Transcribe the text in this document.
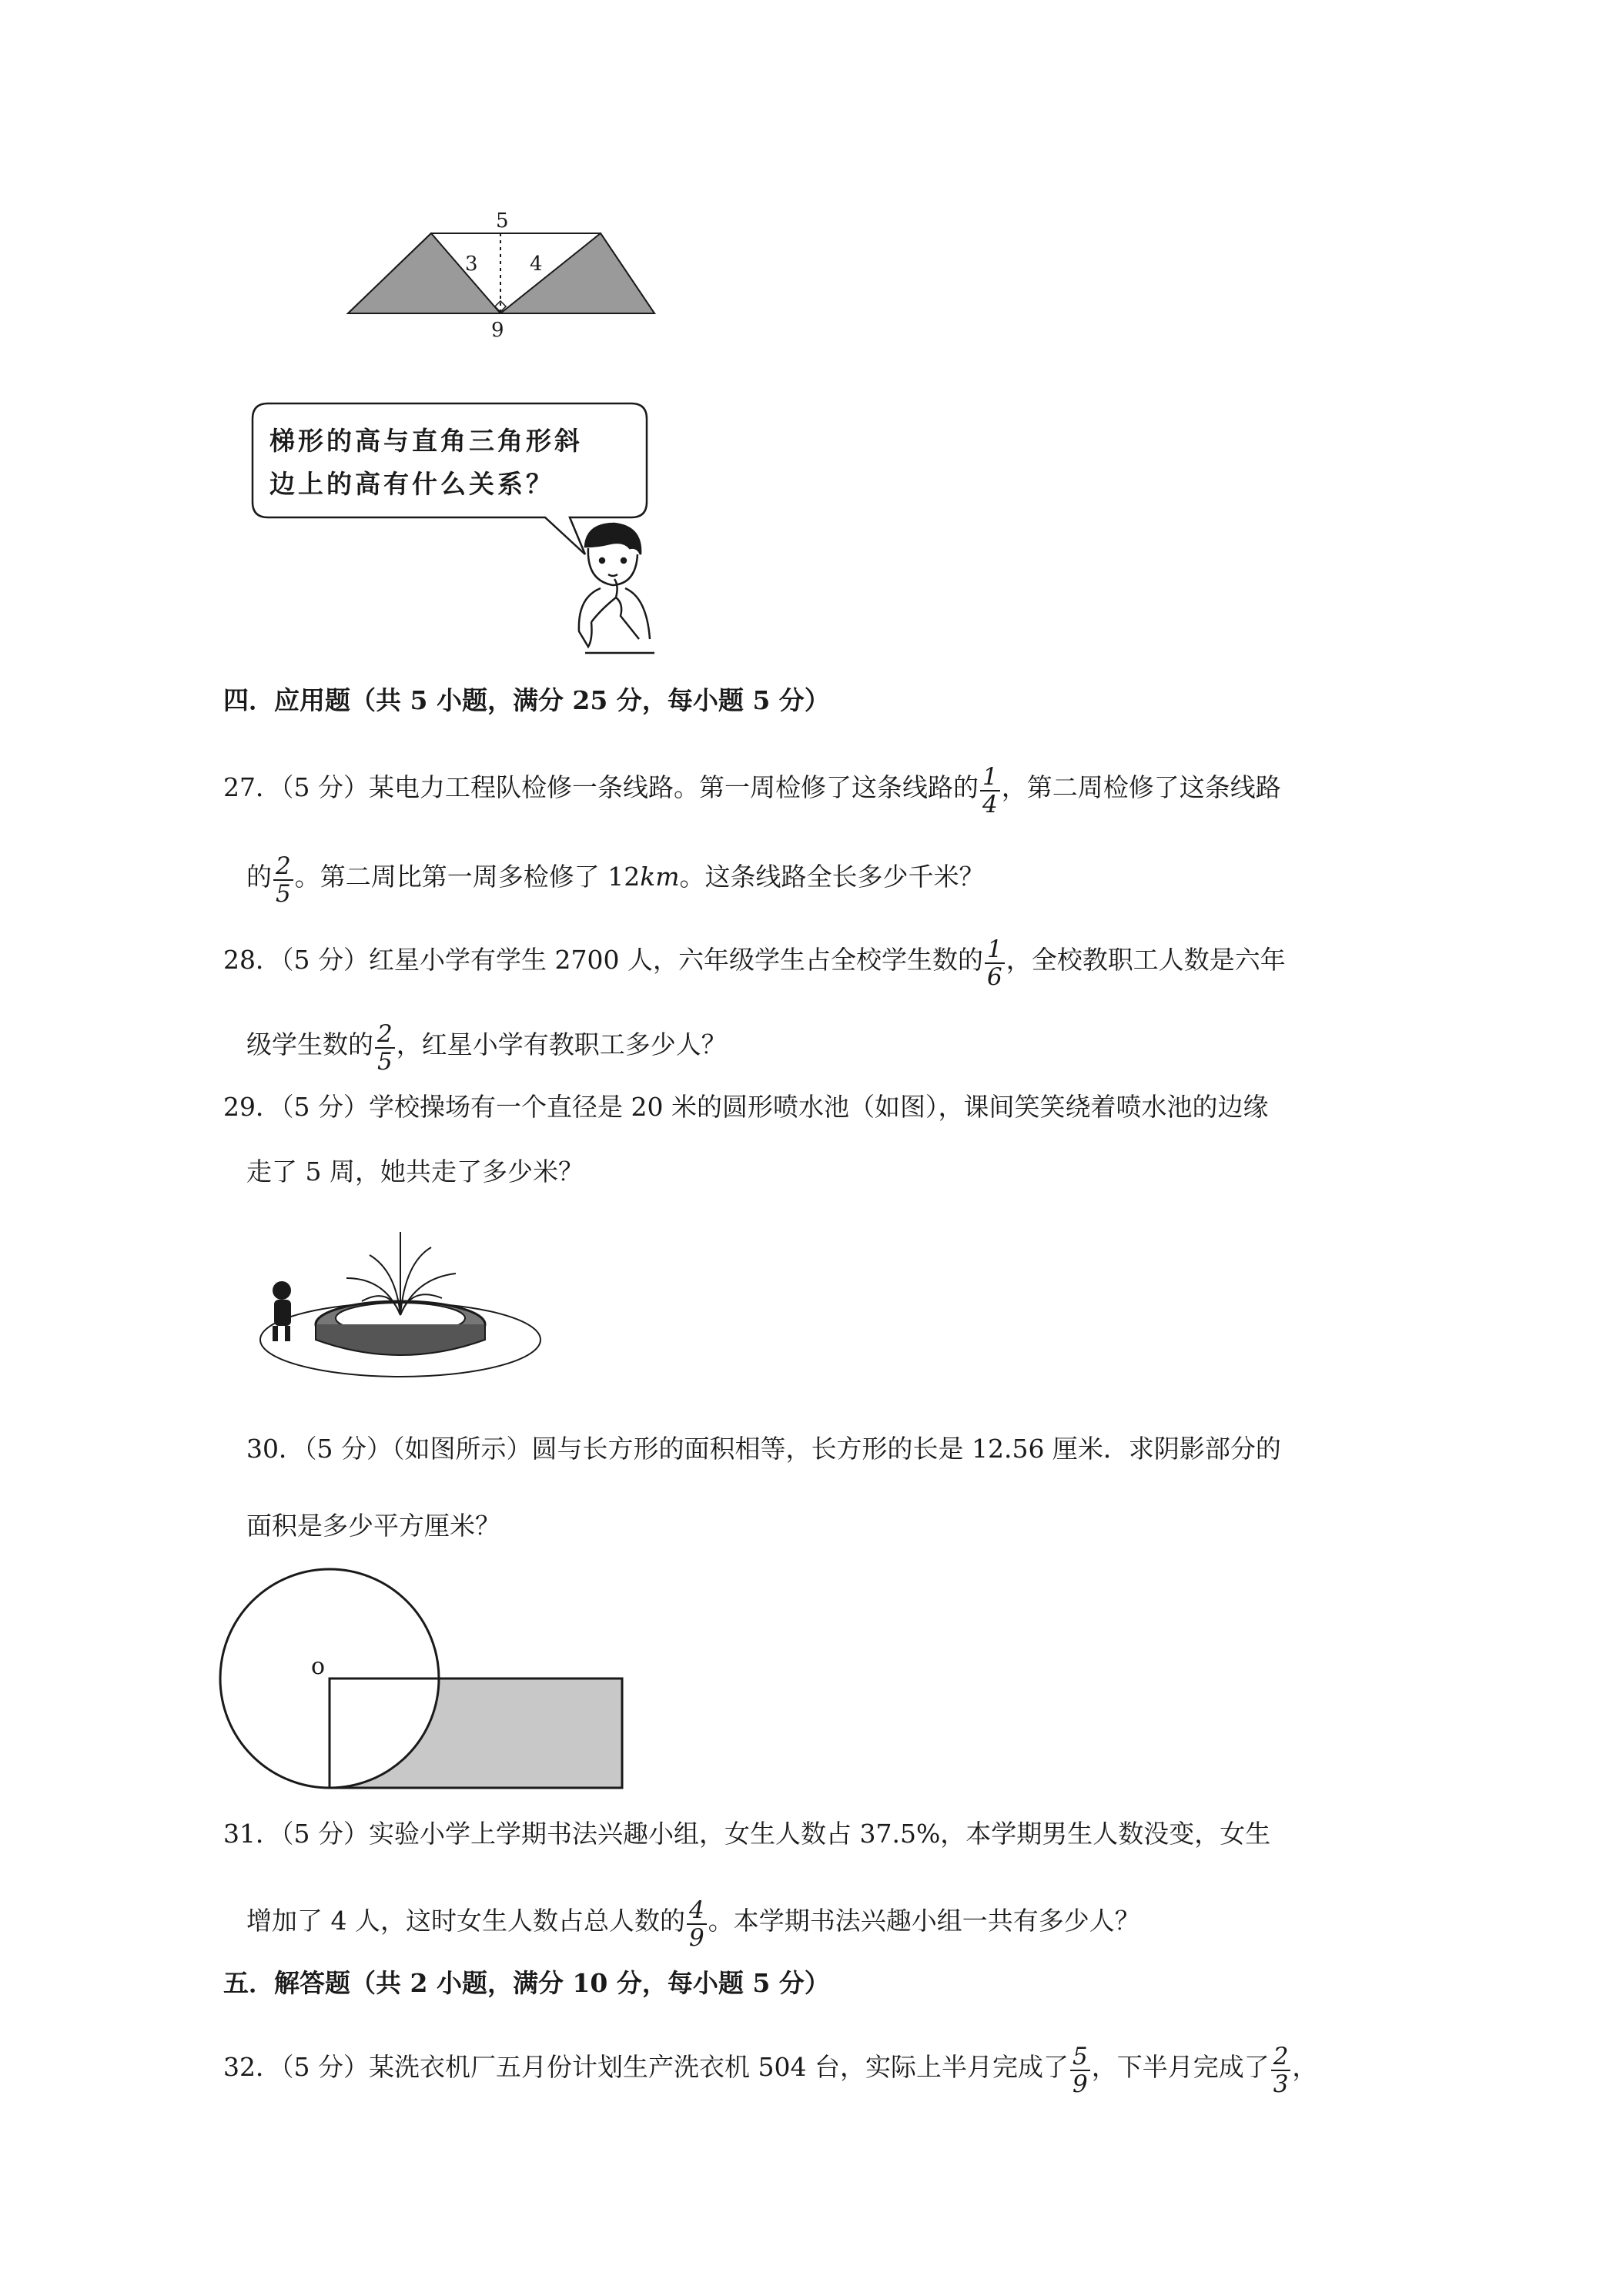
5
3	4
9
梯形的高与直角三角形斜
边上的高有什么关系？
四．应用题（共 5 小题，满分 25 分，每小题 5 分）
27．（5 分）某电力工程队检修一条线路。第一周检修了这条线路的 $\frac{1}{4}$ ，第二周检修了这条线路
的 $\frac{2}{5}$ 。第二周比第一周多检修了 12km。这条线路全长多少千米？
28．（5 分）红星小学有学生 2700 人，六年级学生占全校学生数的 $\frac{1}{6}$ ，全校教职工人数是六年
级学生数的 $\frac{2}{5}$ ，红星小学有教职工多少人？
29．（5 分）学校操场有一个直径是 20 米的圆形喷水池（如图），课间笑笑绕着喷水池的边缘
走了 5 周，她共走了多少米？
30．（5 分）（如图所示）圆与长方形的面积相等，长方形的长是 12.56 厘米．求阴影部分的
面积是多少平方厘米？
o
31．（5 分）实验小学上学期书法兴趣小组，女生人数占 37.5%，本学期男生人数没变，女生
增加了 4 人，这时女生人数占总人数的 $\frac{4}{9}$ 。本学期书法兴趣小组一共有多少人？
五．解答题（共 2 小题，满分 10 分，每小题 5 分）
32．（5 分）某洗衣机厂五月份计划生产洗衣机 504 台，实际上半月完成了 $\frac{5}{9}$ ，下半月完成了 $\frac{2}{3}$ ，
